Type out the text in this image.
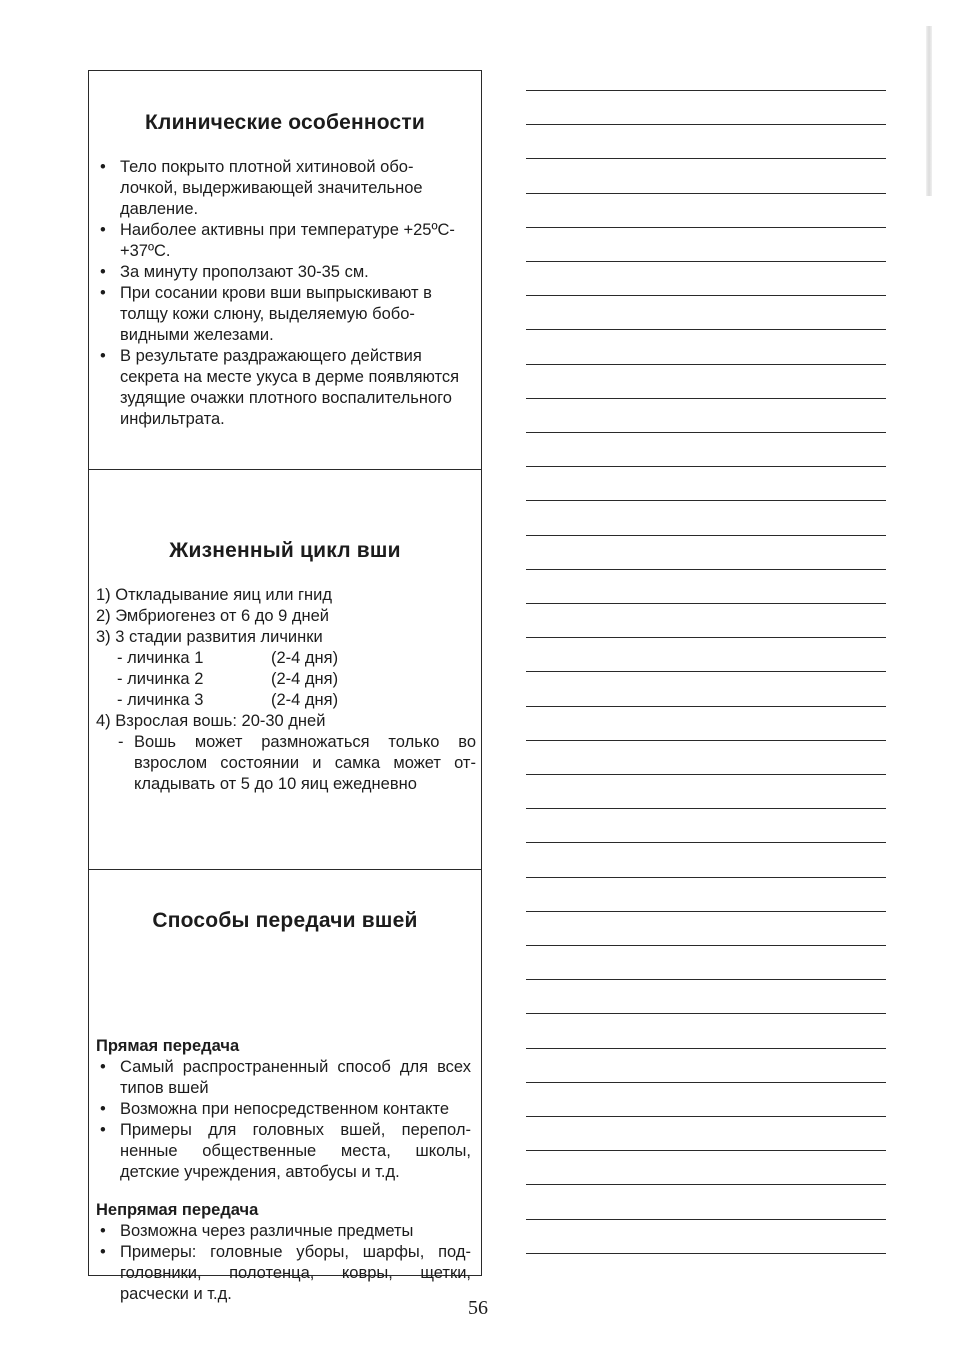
Клинические особенности
• Тело покрыто плотной хитиновой оболочкой, выдерживающей значительное давление.
• Наиболее активны при температуре +25ºС-+37ºС.
• За минуту проползают 30-35 см.
• При сосании крови вши выпрыскивают в толщу кожи слюну, выделяемую бобовидными железами.
• В результате раздражающего действия секрета на месте укуса в дерме появляются зудящие очажки плотного воспалительного инфильтрата.
Жизненный цикл вши
1) Откладывание яиц или гнид
2) Эмбриогенез от 6 до 9 дней
3) 3 стадии развития личинки
- личинка 1	(2-4 дня)
- личинка 2	(2-4 дня)
- личинка 3	(2-4 дня)
4) Взрослая вошь: 20-30 дней
- Вошь может размножаться только во взрослом состоянии и самка может откладывать от 5 до 10 яиц ежедневно
Способы передачи вшей
Прямая передача
• Самый распространенный способ для всех типов вшей
• Возможна при непосредственном контакте
• Примеры для головных вшей, переполненные общественные места, школы, детские учреждения, автобусы и т.д.
Непрямая передача
• Возможна через различные предметы
• Примеры: головные уборы, шарфы, подголовники, полотенца, ковры, щетки, расчески и т.д.
56
